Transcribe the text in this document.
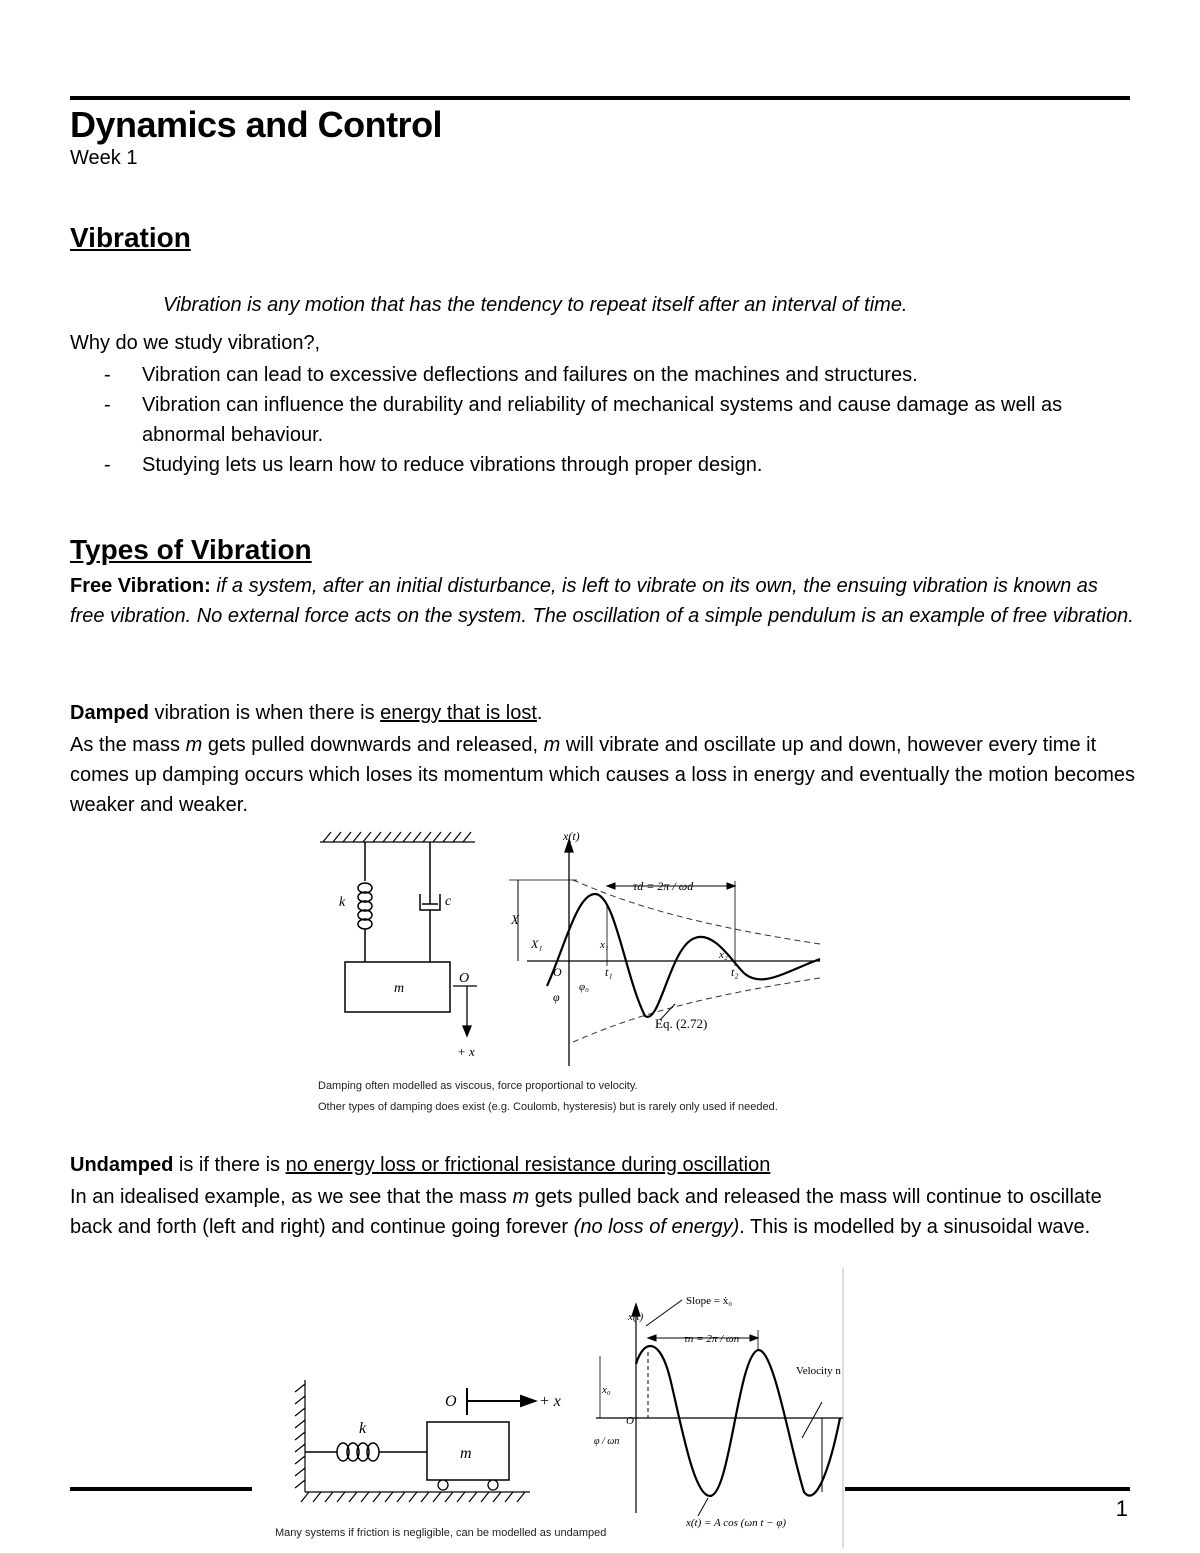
Dynamics and Control
Week 1
Vibration
Vibration is any motion that has the tendency to repeat itself after an interval of time.
Why do we study vibration?,
- Vibration can lead to excessive deflections and failures on the machines and structures.
- Vibration can influence the durability and reliability of mechanical systems and cause damage as well as abnormal behaviour.
- Studying lets us learn how to reduce vibrations through proper design.
Types of Vibration
Free Vibration: if a system, after an initial disturbance, is left to vibrate on its own, the ensuing vibration is known as free vibration. No external force acts on the system. The oscillation of a simple pendulum is an example of free vibration.
Damped vibration is when there is energy that is lost.
As the mass m gets pulled downwards and released, m will vibrate and oscillate up and down, however every time it comes up damping occurs which loses its momentum which causes a loss in energy and eventually the motion becomes weaker and weaker.
m
k	c
O
+ x
x(t)
X
X₁	x₁
x₂
τd = 2π / ωd
O	t₁	t₂
φ₀
φ
Eq. (2.72)
Damping often modelled as viscous, force proportional to velocity.
Other types of damping does exist (e.g. Coulomb, hysteresis) but is rarely only used if needed.
Undamped is if there is no energy loss or frictional resistance during oscillation
In an idealised example, as we see that the mass m gets pulled back and released the mass will continue to oscillate back and forth (left and right) and continue going forever (no loss of energy). This is modelled by a sinusoidal wave.
1
k
m
O	+ x
x(t)
τn = 2π / ωn
Slope = ẋ₀
Velocity n
x₀
O
φ / ωn
x(t) = A cos (ωn t − φ)
Many systems if friction is negligible, can be modelled as undamped
